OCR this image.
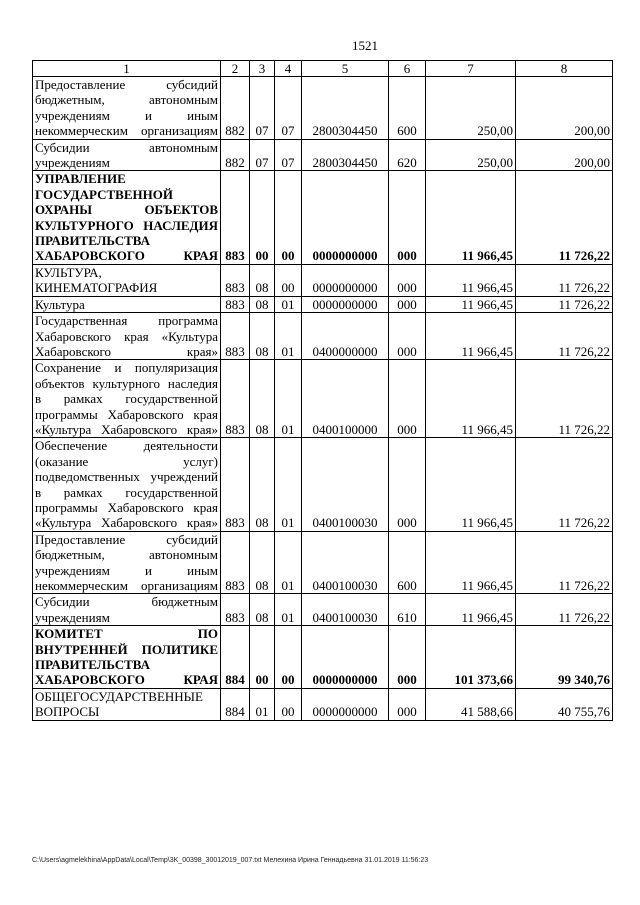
1521
1	2	3	4	5	6	7	8
Предоставление субсидий бюджетным, автономным учреждениям и иным некоммерческим организациям	882	07	07	2800304450	600	250,00	200,00
Субсидии автономным учреждениям	882	07	07	2800304450	620	250,00	200,00
УПРАВЛЕНИЕ ГОСУДАРСТВЕННОЙ ОХРАНЫ ОБЪЕКТОВ КУЛЬТУРНОГО НАСЛЕДИЯ ПРАВИТЕЛЬСТВА ХАБАРОВСКОГО КРАЯ	883	00	00	0000000000	000	11 966,45	11 726,22
КУЛЬТУРА, КИНЕМАТОГРАФИЯ	883	08	00	0000000000	000	11 966,45	11 726,22
Культура	883	08	01	0000000000	000	11 966,45	11 726,22
Государственная программа Хабаровского края «Культура Хабаровского края»	883	08	01	0400000000	000	11 966,45	11 726,22
Сохранение и популяризация объектов культурного наследия в рамках государственной программы Хабаровского края «Культура Хабаровского края»	883	08	01	0400100000	000	11 966,45	11 726,22
Обеспечение деятельности (оказание услуг) подведомственных учреждений в рамках государственной программы Хабаровского края «Культура Хабаровского края»	883	08	01	0400100030	000	11 966,45	11 726,22
Предоставление субсидий бюджетным, автономным учреждениям и иным некоммерческим организациям	883	08	01	0400100030	600	11 966,45	11 726,22
Субсидии бюджетным учреждениям	883	08	01	0400100030	610	11 966,45	11 726,22
КОМИТЕТ ПО ВНУТРЕННЕЙ ПОЛИТИКЕ ПРАВИТЕЛЬСТВА ХАБАРОВСКОГО КРАЯ	884	00	00	0000000000	000	101 373,66	99 340,76
ОБЩЕГОСУДАРСТВЕННЫЕ ВОПРОСЫ	884	01	00	0000000000	000	41 588,66	40 755,76
C:\Users\agmelekhina\AppData\Local\Temp\3K_00398_30012019_007.txt Мелехина Ирина Геннадьевна 31.01.2019 11:56:23
